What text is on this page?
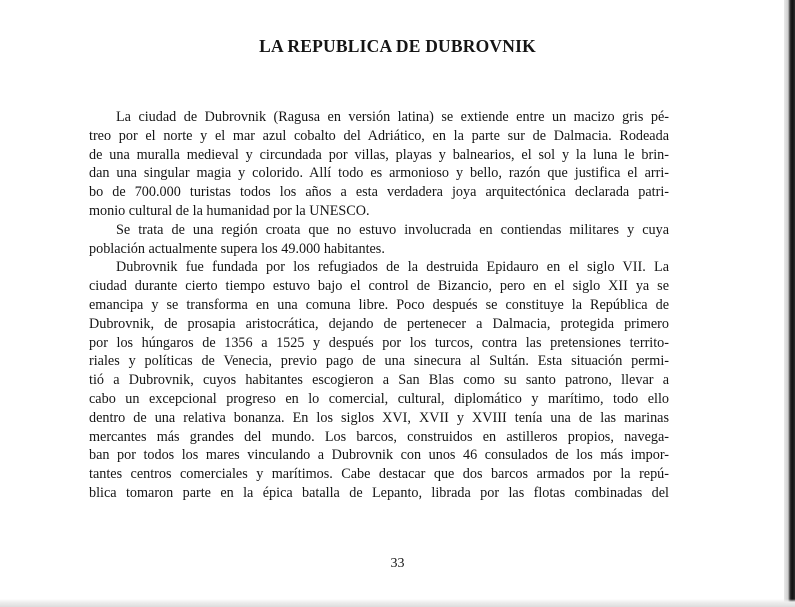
LA REPUBLICA DE DUBROVNIK
La ciudad de Dubrovnik (Ragusa en versión latina) se extiende entre un macizo gris pé-
treo por el norte y el mar azul cobalto del Adriático, en la parte sur de Dalmacia. Rodeada
de una muralla medieval y circundada por villas, playas y balnearios, el sol y la luna le brin-
dan una singular magia y colorido. Allí todo es armonioso y bello, razón que justifica el arri-
bo de 700.000 turistas todos los años a esta verdadera joya arquitectónica declarada patri-
monio cultural de la humanidad por la UNESCO.
Se trata de una región croata que no estuvo involucrada en contiendas militares y cuya
población actualmente supera los 49.000 habitantes.
Dubrovnik fue fundada por los refugiados de la destruida Epidauro en el siglo VII. La
ciudad durante cierto tiempo estuvo bajo el control de Bizancio, pero en el siglo XII ya se
emancipa y se transforma en una comuna libre. Poco después se constituye la República de
Dubrovnik, de prosapia aristocrática, dejando de pertenecer a Dalmacia, protegida primero
por los húngaros de 1356 a 1525 y después por los turcos, contra las pretensiones territo-
riales y políticas de Venecia, previo pago de una sinecura al Sultán. Esta situación permi-
tió a Dubrovnik, cuyos habitantes escogieron a San Blas como su santo patrono, llevar a
cabo un excepcional progreso en lo comercial, cultural, diplomático y marítimo, todo ello
dentro de una relativa bonanza. En los siglos XVI, XVII y XVIII tenía una de las marinas
mercantes más grandes del mundo. Los barcos, construidos en astilleros propios, navega-
ban por todos los mares vinculando a Dubrovnik con unos 46 consulados de los más impor-
tantes centros comerciales y marítimos. Cabe destacar que dos barcos armados por la repú-
blica tomaron parte en la épica batalla de Lepanto, librada por las flotas combinadas del
33
